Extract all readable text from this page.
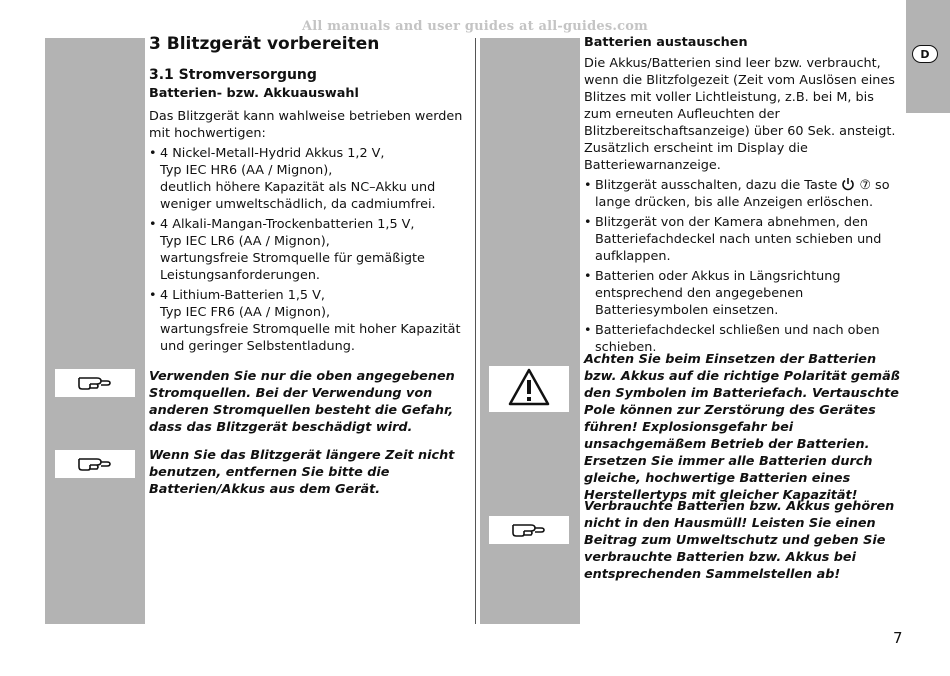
All manuals and user guides at all-guides.com
D
3 Blitzgerät vorbereiten
3.1 Stromversorgung

Batterien- bzw. Akkuauswahl

Das Blitzgerät kann wahlweise betrieben werden mit hochwertigen:

• 4 Nickel-Metall-Hydrid Akkus 1,2 V,
Typ IEC HR6 (AA / Mignon),
deutlich höhere Kapazität als NC–Akku und weniger umweltschädlich, da cadmiumfrei.
• 4 Alkali-Mangan-Trockenbatterien 1,5 V,
Typ IEC LR6 (AA / Mignon),
wartungsfreie Stromquelle für gemäßigte Leistungsanforderungen.
• 4 Lithium-Batterien 1,5 V,
Typ IEC FR6 (AA / Mignon),
wartungsfreie Stromquelle mit hoher Kapazität und geringer Selbstentladung.
Verwenden Sie nur die oben angegebenen Stromquellen. Bei der Verwendung von anderen Stromquellen besteht die Gefahr, dass das Blitzgerät beschädigt wird.
Wenn Sie das Blitzgerät längere Zeit nicht benutzen, entfernen Sie bitte die Batterien/Akkus aus dem Gerät.

Batterien austauschen

Die Akkus/Batterien sind leer bzw. verbraucht, wenn die Blitzfolgezeit (Zeit vom Auslösen eines Blitzes mit voller Lichtleistung, z.B. bei M, bis zum erneuten Aufleuchten der Blitzbereitschaftsanzeige) über 60 Sek. ansteigt. Zusätzlich erscheint im Display die Batteriewarnanzeige.

• Blitzgerät ausschalten, dazu die Taste  ⑦ so lange drücken, bis alle Anzeigen erlöschen.
• Blitzgerät von der Kamera abnehmen, den Batteriefachdeckel nach unten schieben und aufklappen.
• Batterien oder Akkus in Längsrichtung entsprechend den angegebenen Batteriesymbolen einsetzen.
• Batteriefachdeckel schließen und nach oben schieben.
Achten Sie beim Einsetzen der Batterien bzw. Akkus auf die richtige Polarität gemäß den Symbolen im Batteriefach. Vertauschte Pole können zur Zerstörung des Gerätes führen! Explosionsgefahr bei unsachgemäßem Betrieb der Batterien.
Ersetzen Sie immer alle Batterien durch gleiche, hochwertige Batterien eines Herstellertyps mit gleicher Kapazität!
Verbrauchte Batterien bzw. Akkus gehören nicht in den Hausmüll! Leisten Sie einen Beitrag zum Umweltschutz und geben Sie verbrauchte Batterien bzw. Akkus bei entsprechenden Sammelstellen ab!
7
